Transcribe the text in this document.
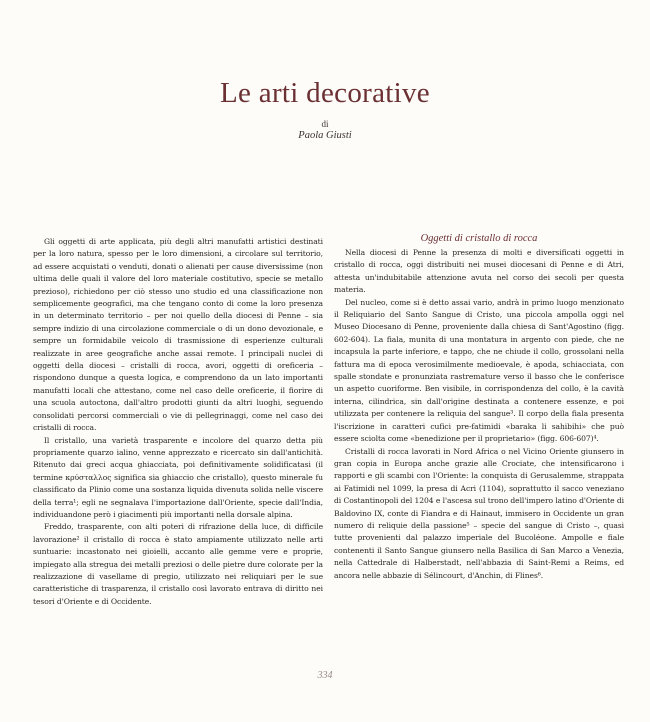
Le arti decorative
di
Paola Giusti

Gli oggetti di arte applicata, più degli altri manufatti artistici destinati per la loro natura, spesso per le loro dimensioni, a circolare sul territorio, ad essere acquistati o venduti, donati o alienati per cause diversissime (non ultima delle quali il valore del loro materiale costitutivo, specie se metallo prezioso), richiedono per ciò stesso uno studio ed una classificazione non semplicemente geografici, ma che tengano conto di come la loro presenza in un determinato territorio – per noi quello della diocesi di Penne – sia sempre indizio di una circolazione commerciale o di un dono devozionale, e sempre un formidabile veicolo di trasmissione di esperienze culturali realizzate in aree geografiche anche assai remote. I principali nuclei di oggetti della diocesi – cristalli di rocca, avori, oggetti di oreficeria – rispondono dunque a questa logica, e comprendono da un lato importanti manufatti locali che attestano, come nel caso delle oreficerie, il fiorire di una scuola autoctona, dall'altro prodotti giunti da altri luoghi, seguendo consolidati percorsi commerciali o vie di pellegrinaggi, come nel caso dei cristalli di rocca.

Il cristallo, una varietà trasparente e incolore del quarzo detta più propriamente quarzo ialino, venne apprezzato e ricercato sin dall'antichità. Ritenuto dai greci acqua ghiacciata, poi definitivamente solidificatasi (il termine κρύσταλλος significa sia ghiaccio che cristallo), questo minerale fu classificato da Plinio come una sostanza liquida divenuta solida nelle viscere della terra¹; egli ne segnalava l'importazione dall'Oriente, specie dall'India, individuandone però i giacimenti più importanti nella dorsale alpina.

Freddo, trasparente, con alti poteri di rifrazione della luce, di difficile lavorazione² il cristallo di rocca è stato ampiamente utilizzato nelle arti suntuarie: incastonato nei gioielli, accanto alle gemme vere e proprie, impiegato alla stregua dei metalli preziosi o delle pietre dure colorate per la realizzazione di vasellame di pregio, utilizzato nei reliquiari per le sue caratteristiche di trasparenza, il cristallo così lavorato entrava di diritto nei tesori d'Oriente e di Occidente.

Oggetti di cristallo di rocca

Nella diocesi di Penne la presenza di molti e diversificati oggetti in cristallo di rocca, oggi distribuiti nei musei diocesani di Penne e di Atri, attesta un'indubitabile attenzione avuta nel corso dei secoli per questa materia.

Del nucleo, come si è detto assai vario, andrà in primo luogo menzionato il Reliquiario del Santo Sangue di Cristo, una piccola ampolla oggi nel Museo Diocesano di Penne, proveniente dalla chiesa di Sant'Agostino (figg. 602-604). La fiala, munita di una montatura in argento con piede, che ne incapsula la parte inferiore, e tappo, che ne chiude il collo, grossolani nella fattura ma di epoca verosimilmente medioevale, è apoda, schiacciata, con spalle stondate e pronunziata rastremature verso il basso che le conferisce un aspetto cuoriforme. Ben visibile, in corrispondenza del collo, è la cavità interna, cilindrica, sin dall'origine destinata a contenere essenze, e poi utilizzata per contenere la reliquia del sangue³. Il corpo della fiala presenta l'iscrizione in caratteri cufici pre-fatimidi «baraka li sahibihi» che può essere sciolta come «benedizione per il proprietario» (figg. 606-607)⁴.

Cristalli di rocca lavorati in Nord Africa o nel Vicino Oriente giunsero in gran copia in Europa anche grazie alle Crociate, che intensificarono i rapporti e gli scambi con l'Oriente: la conquista di Gerusalemme, strappata ai Fatimidi nel 1099, la presa di Acri (1104), soprattutto il sacco veneziano di Costantinopoli del 1204 e l'ascesa sul trono dell'impero latino d'Oriente di Baldovino IX, conte di Fiandra e di Hainaut, immisero in Occidente un gran numero di reliquie della passione⁵ – specie del sangue di Cristo –, quasi tutte provenienti dal palazzo imperiale del Bucoléone. Ampolle e fiale contenenti il Santo Sangue giunsero nella Basilica di San Marco a Venezia, nella Cattedrale di Halberstadt, nell'abbazia di Saint-Remi a Reims, ed ancora nelle abbazie di Sélincourt, d'Anchin, di Flines⁶.

334
